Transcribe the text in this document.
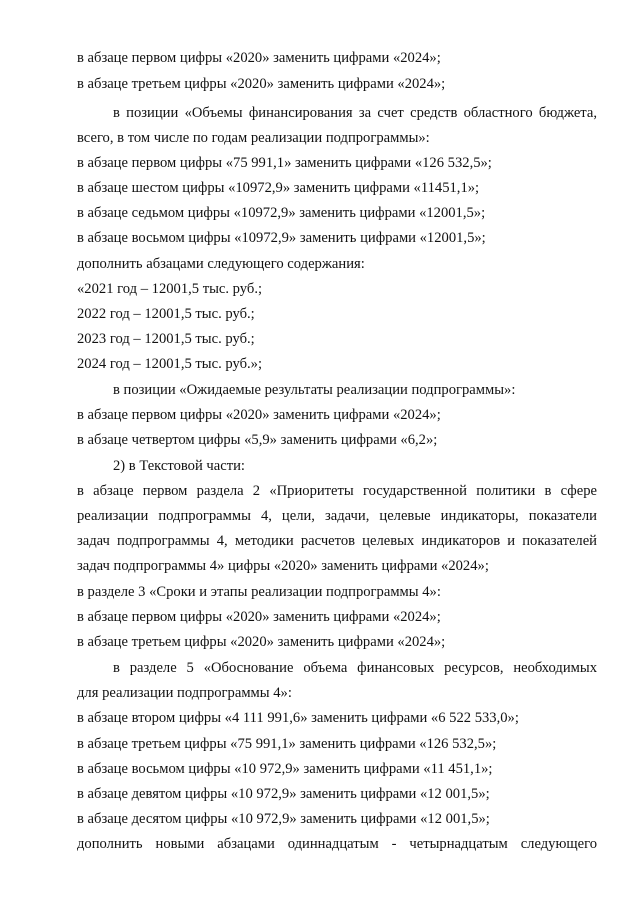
в абзаце первом цифры «2020» заменить цифрами «2024»;
в абзаце третьем цифры «2020» заменить цифрами «2024»;
в позиции «Объемы финансирования за счет средств областного бюджета,
всего, в том числе по годам реализации подпрограммы»:
в абзаце первом цифры «75 991,1» заменить цифрами «126 532,5»;
в абзаце шестом цифры «10972,9» заменить цифрами «11451,1»;
в абзаце седьмом цифры «10972,9» заменить цифрами «12001,5»;
в абзаце восьмом цифры «10972,9» заменить цифрами «12001,5»;
дополнить абзацами следующего содержания:
«2021 год – 12001,5 тыс. руб.;
2022 год – 12001,5 тыс. руб.;
2023 год – 12001,5 тыс. руб.;
2024 год – 12001,5 тыс. руб.»;
в позиции «Ожидаемые результаты реализации подпрограммы»:
в абзаце первом цифры «2020» заменить цифрами «2024»;
в абзаце четвертом цифры «5,9» заменить цифрами «6,2»;
2) в Текстовой части:
в абзаце первом раздела 2 «Приоритеты государственной политики в сфере
реализации подпрограммы 4, цели, задачи, целевые индикаторы, показатели
задач подпрограммы 4, методики расчетов целевых индикаторов и показателей
задач подпрограммы 4» цифры «2020» заменить цифрами «2024»;
в разделе 3 «Сроки и этапы реализации подпрограммы 4»:
в абзаце первом цифры «2020» заменить цифрами «2024»;
в абзаце третьем цифры «2020» заменить цифрами «2024»;
в разделе 5 «Обоснование объема финансовых ресурсов, необходимых
для реализации подпрограммы 4»:
в абзаце втором цифры «4 111 991,6» заменить цифрами «6 522 533,0»;
в абзаце третьем цифры «75 991,1» заменить цифрами «126 532,5»;
в абзаце восьмом цифры «10 972,9» заменить цифрами «11 451,1»;
в абзаце девятом цифры «10 972,9» заменить цифрами «12 001,5»;
в абзаце десятом цифры «10 972,9» заменить цифрами «12 001,5»;
дополнить новыми абзацами одиннадцатым - четырнадцатым следующего
